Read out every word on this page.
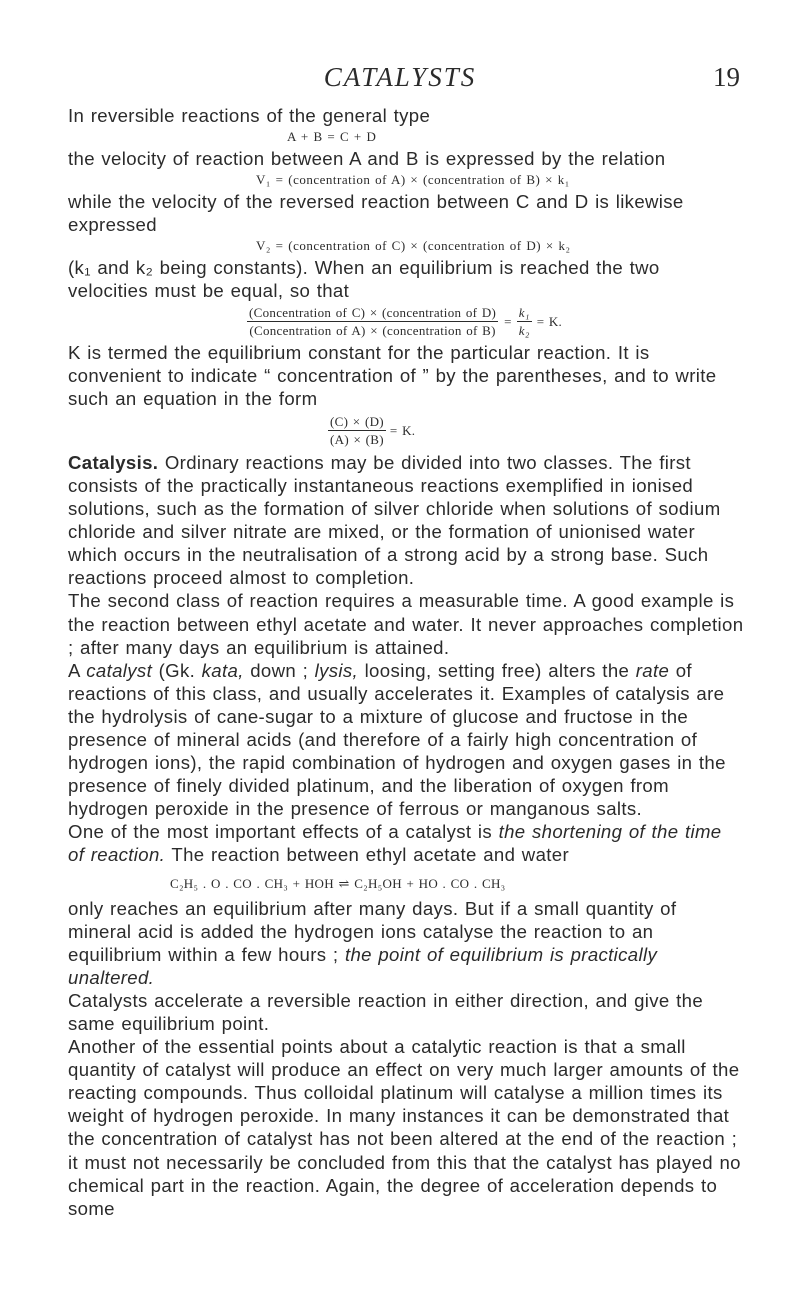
CATALYSTS	19

In reversible reactions of the general type

A + B = C + D

the velocity of reaction between A and B is expressed by the relation

V₁ = (concentration of A) × (concentration of B) × k₁

while the velocity of the reversed reaction between C and D is likewise expressed

V₂ = (concentration of C) × (concentration of D) × k₂

(k₁ and k₂ being constants). When an equilibrium is reached the two velocities must be equal, so that

$\frac{\text{(Concentration of C) × (concentration of D)}}{\text{(Concentration of A) × (concentration of B)}} = \frac{\text{k₁}}{\text{k₂}} = K$.

K is termed the equilibrium constant for the particular reaction. It is convenient to indicate “ concentration of ” by the parentheses, and to write such an equation in the form

$\frac{(C) \times (D)}{(A) \times (B)} = K$.

Catalysis. Ordinary reactions may be divided into two classes. The first consists of the practically instantaneous reactions exemplified in ionised solutions, such as the formation of silver chloride when solutions of sodium chloride and silver nitrate are mixed, or the formation of unionised water which occurs in the neutralisation of a strong acid by a strong base. Such reactions proceed almost to completion.

The second class of reaction requires a measurable time. A good example is the reaction between ethyl acetate and water. It never approaches completion ; after many days an equilibrium is attained.

A catalyst (Gk. kata, down ; lysis, loosing, setting free) alters the rate of reactions of this class, and usually accelerates it. Examples of catalysis are the hydrolysis of cane-sugar to a mixture of glucose and fructose in the presence of mineral acids (and therefore of a fairly high concentration of hydrogen ions), the rapid combination of hydrogen and oxygen gases in the presence of finely divided platinum, and the liberation of oxygen from hydrogen peroxide in the presence of ferrous or manganous salts.

One of the most important effects of a catalyst is the shortening of the time of reaction. The reaction between ethyl acetate and water

C₂H₅ . O . CO . CH₃ + HOH ⇌ C₂H₅OH + HO . CO . CH₃

only reaches an equilibrium after many days. But if a small quantity of mineral acid is added the hydrogen ions catalyse the reaction to an equilibrium within a few hours ; the point of equilibrium is practically unaltered.

Catalysts accelerate a reversible reaction in either direction, and give the same equilibrium point.

Another of the essential points about a catalytic reaction is that a small quantity of catalyst will produce an effect on very much larger amounts of the reacting compounds. Thus colloidal platinum will catalyse a million times its weight of hydrogen peroxide. In many instances it can be demonstrated that the concentration of catalyst has not been altered at the end of the reaction ; it must not necessarily be concluded from this that the catalyst has played no chemical part in the reaction. Again, the degree of acceleration depends to some
